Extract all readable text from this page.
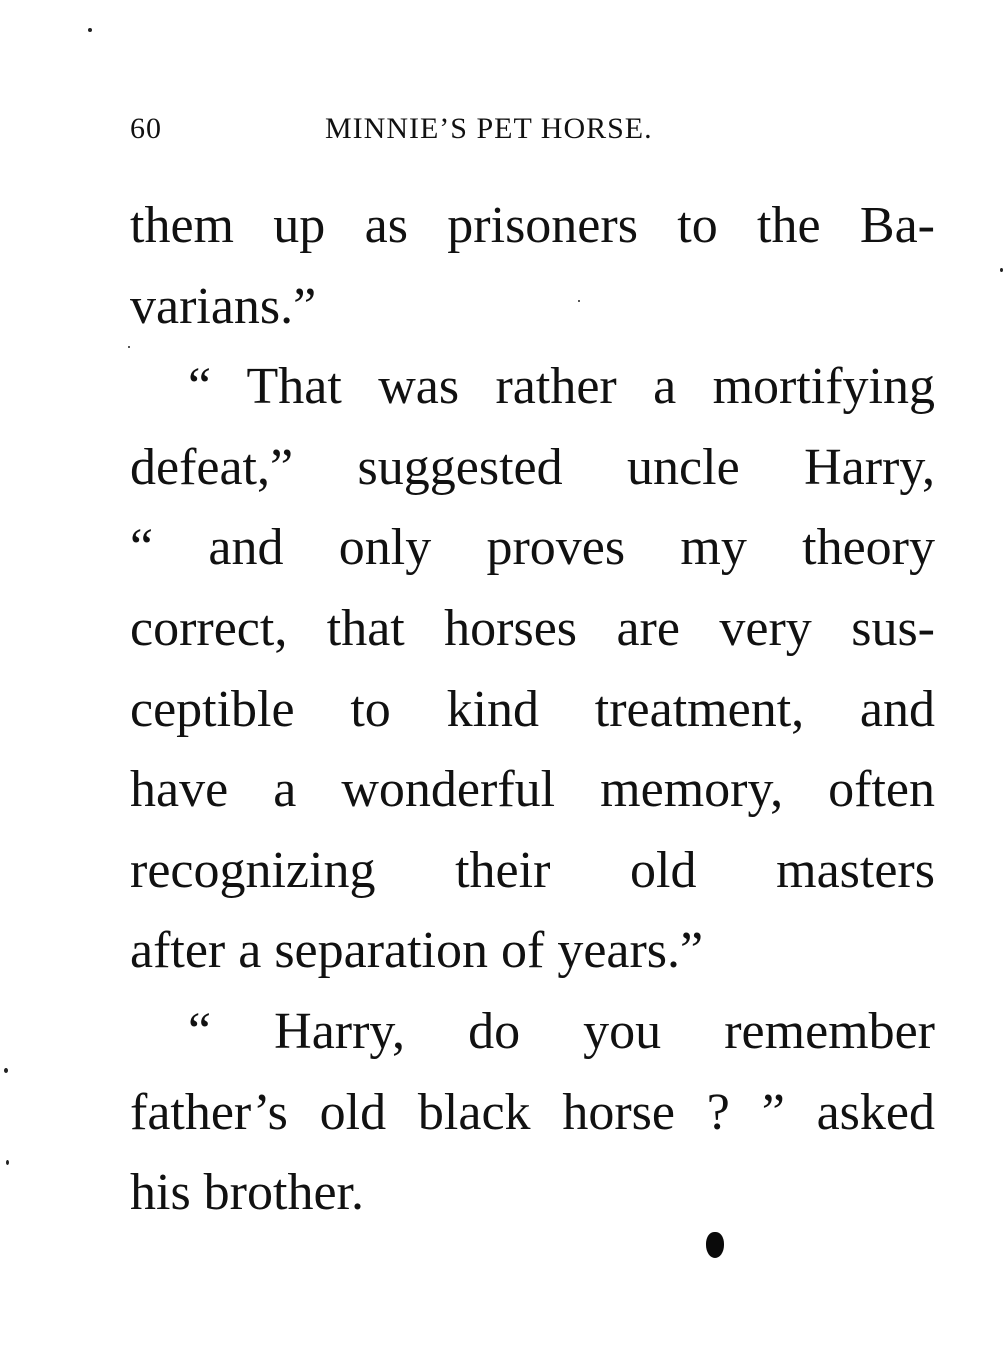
60	MINNIE’S PET HORSE.
them up as prisoners to the Ba-
varians.”
“ That was rather a mortifying
defeat,” suggested uncle Harry,
“ and only proves my theory
correct, that horses are very sus-
ceptible to kind treatment, and
have a wonderful memory, often
recognizing their old masters
after a separation of years.”
“ Harry, do you remember
father’s old black horse ? ” asked
his brother.
